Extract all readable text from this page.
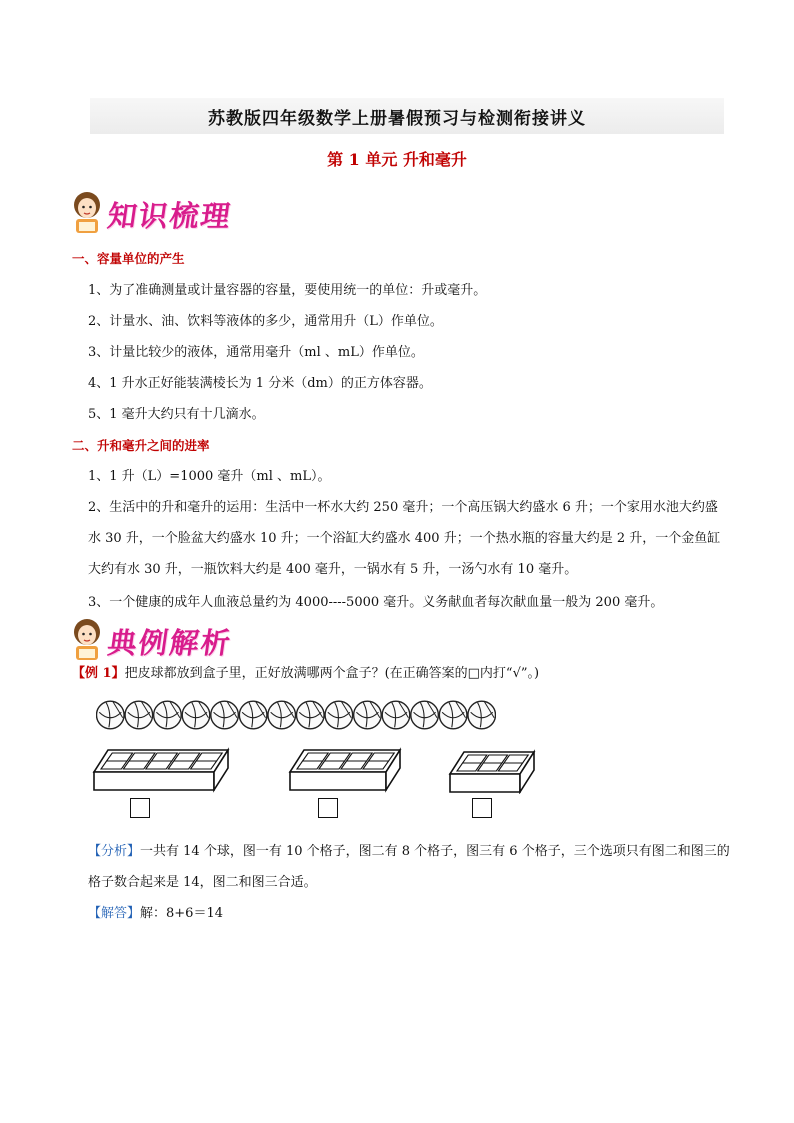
苏教版四年级数学上册暑假预习与检测衔接讲义
第 1 单元 升和毫升
知识梳理
一、容量单位的产生
1、为了准确测量或计量容器的容量，要使用统一的单位：升或毫升。
2、计量水、油、饮料等液体的多少，通常用升（L）作单位。
3、计量比较少的液体，通常用毫升（ml 、mL）作单位。
4、1 升水正好能装满棱长为 1 分米（dm）的正方体容器。
5、1 毫升大约只有十几滴水。
二、升和毫升之间的进率
1、1 升（L）=1000 毫升（ml 、mL）。
2、生活中的升和毫升的运用：生活中一杯水大约 250 毫升；一个高压锅大约盛水 6 升；一个家用水池大约盛水 30 升，一个脸盆大约盛水 10 升；一个浴缸大约盛水 400 升；一个热水瓶的容量大约是 2 升，一个金鱼缸大约有水 30 升，一瓶饮料大约是 400 毫升，一锅水有 5 升，一汤勺水有 10 毫升。
3、一个健康的成年人血液总量约为 4000----5000 毫升。义务献血者每次献血量一般为 200 毫升。
典例解析
【例 1】把皮球都放到盒子里，正好放满哪两个盒子？(在正确答案的□内打“√”。)
【分析】一共有 14 个球，图一有 10 个格子，图二有 8 个格子，图三有 6 个格子，三个选项只有图二和图三的格子数合起来是 14，图二和图三合适。
【解答】解：8+6＝14
